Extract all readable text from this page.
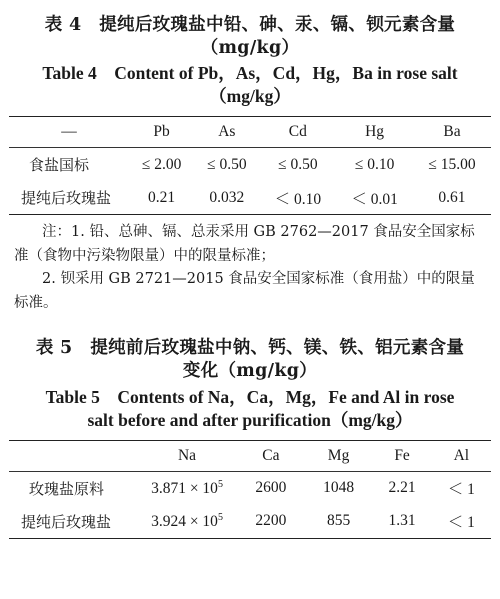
表 4　提纯后玫瑰盐中铅、砷、汞、镉、钡元素含量
（mg/kg）
Table 4　Content of Pb，As，Cd，Hg，Ba in rose salt
（mg/kg）
—	Pb	As	Cd	Hg	Ba
食盐国标	≤ 2.00	≤ 0.50	≤ 0.50	≤ 0.10	≤ 15.00
提纯后玫瑰盐	0.21	0.032	＜ 0.10	＜ 0.01	0.61

注：1. 铅、总砷、镉、总汞采用 GB 2762—2017 食品安全国家标准（食物中污染物限量）中的限量标准；

2. 钡采用 GB 2721—2015 食品安全国家标准（食用盐）中的限量标准。

表 5　提纯前后玫瑰盐中钠、钙、镁、铁、铝元素含量
变化（mg/kg）
Table 5　Contents of Na，Ca，Mg，Fe and Al in rose
salt before and after purification（mg/kg）
	Na	Ca	Mg	Fe	Al
玫瑰盐原料	$3.871 \times 10^5$	2600	1048	2.21	＜ 1
提纯后玫瑰盐	$3.924 \times 10^5$	2200	855	1.31	＜ 1
